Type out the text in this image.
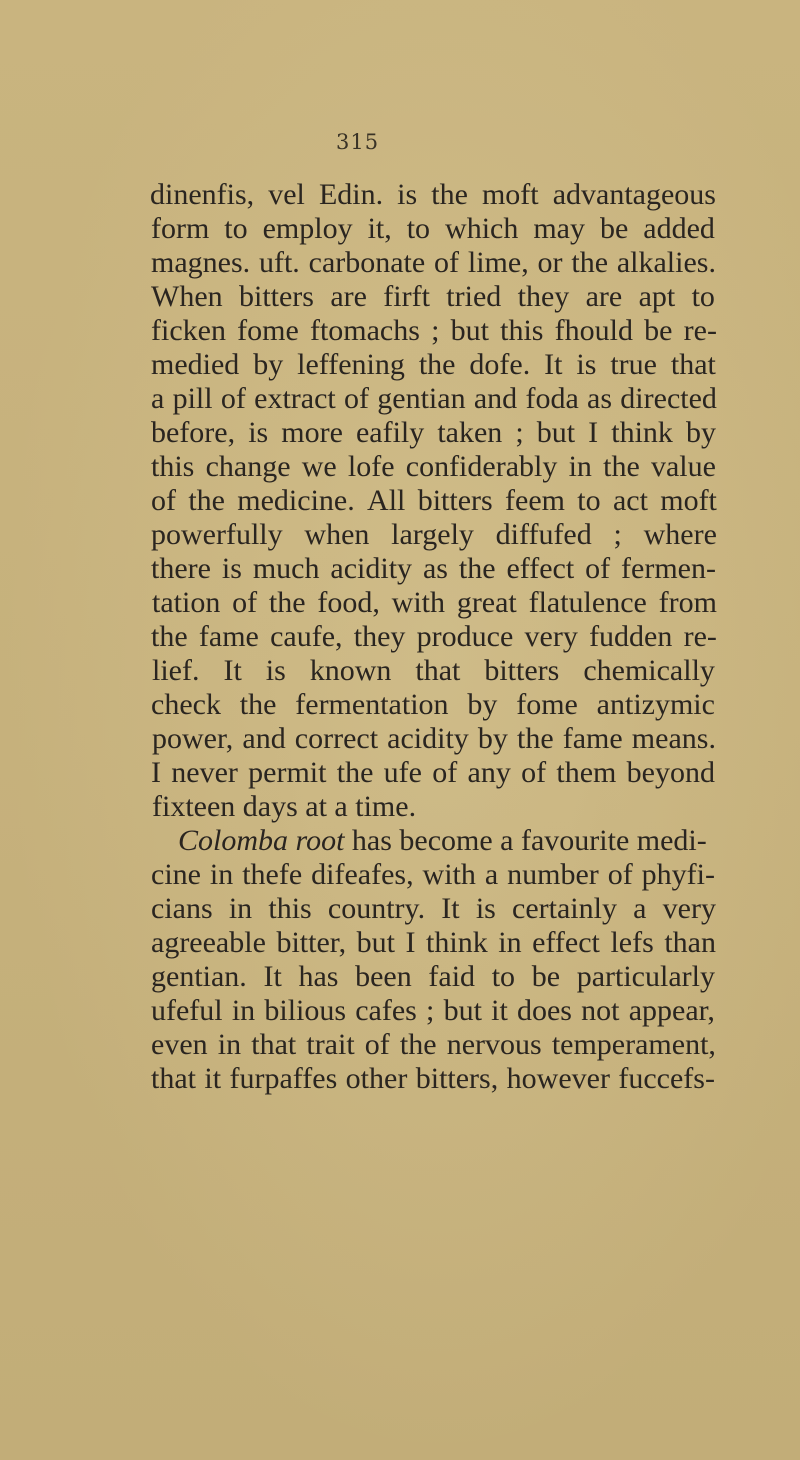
315
dinenfis, vel Edin. is the moft advantageous
form to employ it, to which may be added
magnes. uft. carbonate of lime, or the alkalies.
When bitters are firft tried they are apt to
ficken fome ftomachs ; but this fhould be re-
medied by leffening the dofe. It is true that
a pill of extract of gentian and foda as directed
before, is more eafily taken ; but I think by
this change we lofe confiderably in the value
of the medicine. All bitters feem to act moft
powerfully when largely diffufed ; where
there is much acidity as the effect of fermen-
tation of the food, with great flatulence from
the fame caufe, they produce very fudden re-
lief. It is known that bitters chemically
check the fermentation by fome antizymic
power, and correct acidity by the fame means.
I never permit the ufe of any of them beyond
fixteen days at a time.
Colomba root has become a favourite medi-
cine in thefe difeafes, with a number of phyfi-
cians in this country. It is certainly a very
agreeable bitter, but I think in effect lefs than
gentian. It has been faid to be particularly
ufeful in bilious cafes ; but it does not appear,
even in that trait of the nervous temperament,
that it furpaffes other bitters, however fuccefs-
